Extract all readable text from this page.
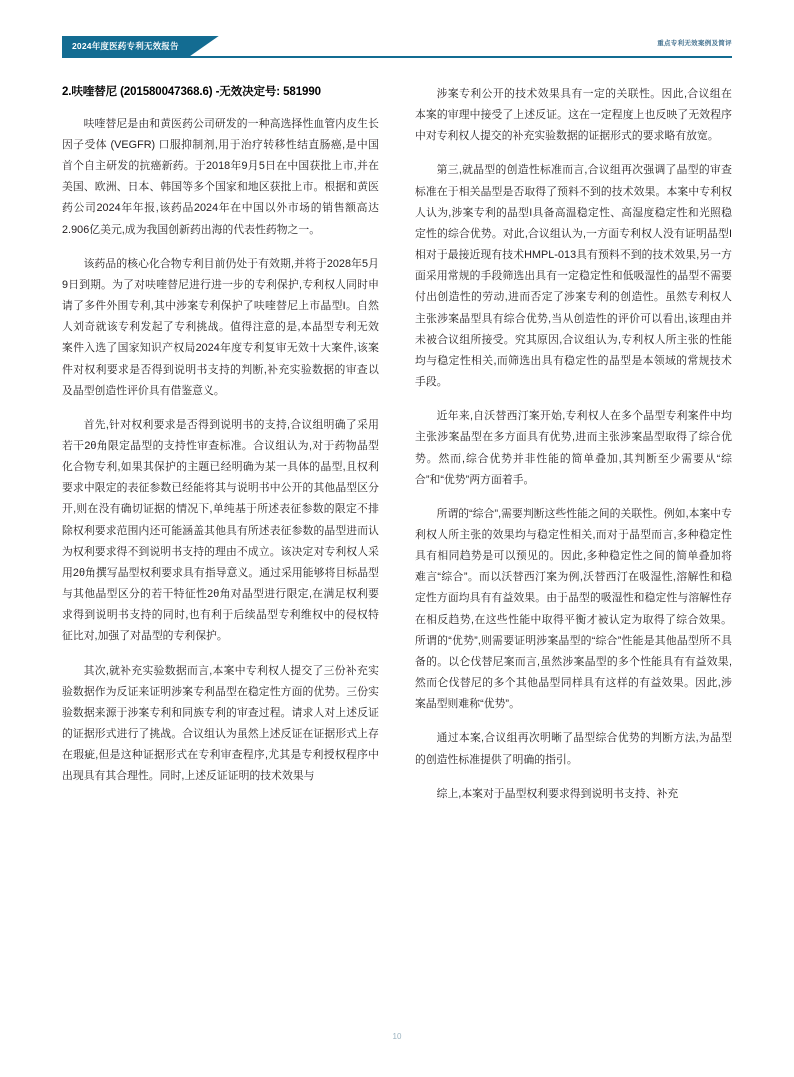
2024年度医药专利无效报告	重点专利无效案例及简评
2.呋喹替尼 (201580047368.6) -无效决定号: 581990

呋喹替尼是由和黄医药公司研发的一种高选择性血管内皮生长因子受体 (VEGFR) 口服抑制剂,用于治疗转移性结直肠癌,是中国首个自主研发的抗癌新药。于2018年9月5日在中国获批上市,并在美国、欧洲、日本、韩国等多个国家和地区获批上市。根据和黄医药公司2024年年报,该药品2024年在中国以外市场的销售额高达2.906亿美元,成为我国创新药出海的代表性药物之一。

该药品的核心化合物专利目前仍处于有效期,并将于2028年5月9日到期。为了对呋喹替尼进行进一步的专利保护,专利权人同时申请了多件外围专利,其中涉案专利保护了呋喹替尼上市晶型I。自然人刘奇就该专利发起了专利挑战。值得注意的是,本晶型专利无效案件入选了国家知识产权局2024年度专利复审无效十大案件,该案件对权利要求是否得到说明书支持的判断,补充实验数据的审查以及晶型创造性评价具有借鉴意义。

首先,针对权利要求是否得到说明书的支持,合议组明确了采用若干2θ角限定晶型的支持性审查标准。合议组认为,对于药物晶型化合物专利,如果其保护的主题已经明确为某一具体的晶型,且权利要求中限定的表征参数已经能将其与说明书中公开的其他晶型区分开,则在没有确切证据的情况下,单纯基于所述表征参数的限定不排除权利要求范围内还可能涵盖其他具有所述表征参数的晶型进而认为权利要求得不到说明书支持的理由不成立。该决定对专利权人采用2θ角撰写晶型权利要求具有指导意义。通过采用能够将目标晶型与其他晶型区分的若干特征性2θ角对晶型进行限定,在满足权利要求得到说明书支持的同时,也有利于后续晶型专利维权中的侵权特征比对,加强了对晶型的专利保护。

其次,就补充实验数据而言,本案中专利权人提交了三份补充实验数据作为反证来证明涉案专利晶型在稳定性方面的优势。三份实验数据来源于涉案专利和同族专利的审查过程。请求人对上述反证的证据形式进行了挑战。合议组认为虽然上述反证在证据形式上存在瑕疵,但是这种证据形式在专利审查程序,尤其是专利授权程序中出现具有其合理性。同时,上述反证证明的技术效果与

涉案专利公开的技术效果具有一定的关联性。因此,合议组在本案的审理中接受了上述反证。这在一定程度上也反映了无效程序中对专利权人提交的补充实验数据的证据形式的要求略有放宽。

第三,就晶型的创造性标准而言,合议组再次强调了晶型的审查标准在于相关晶型是否取得了预料不到的技术效果。本案中专利权人认为,涉案专利的晶型I具备高温稳定性、高湿度稳定性和光照稳定性的综合优势。对此,合议组认为,一方面专利权人没有证明晶型I相对于最接近现有技术HMPL-013具有预料不到的技术效果,另一方面采用常规的手段筛选出具有一定稳定性和低吸湿性的晶型不需要付出创造性的劳动,进而否定了涉案专利的创造性。虽然专利权人主张涉案晶型具有综合优势,当从创造性的评价可以看出,该理由并未被合议组所接受。究其原因,合议组认为,专利权人所主张的性能均与稳定性相关,而筛选出具有稳定性的晶型是本领域的常规技术手段。

近年来,自沃替西汀案开始,专利权人在多个晶型专利案件中均主张涉案晶型在多方面具有优势,进而主张涉案晶型取得了综合优势。然而,综合优势并非性能的简单叠加,其判断至少需要从“综合”和“优势”两方面着手。

所谓的“综合”,需要判断这些性能之间的关联性。例如,本案中专利权人所主张的效果均与稳定性相关,而对于晶型而言,多种稳定性具有相同趋势是可以预见的。因此,多种稳定性之间的简单叠加将难言“综合”。而以沃替西汀案为例,沃替西汀在吸湿性,溶解性和稳定性方面均具有有益效果。由于晶型的吸湿性和稳定性与溶解性存在相反趋势,在这些性能中取得平衡才被认定为取得了综合效果。所谓的“优势”,则需要证明涉案晶型的“综合”性能是其他晶型所不具备的。以仑伐替尼案而言,虽然涉案晶型的多个性能具有有益效果,然而仑伐替尼的多个其他晶型同样具有这样的有益效果。因此,涉案晶型则难称“优势”。

通过本案,合议组再次明晰了晶型综合优势的判断方法,为晶型的创造性标准提供了明确的指引。

综上,本案对于晶型权利要求得到说明书支持、补充

10
